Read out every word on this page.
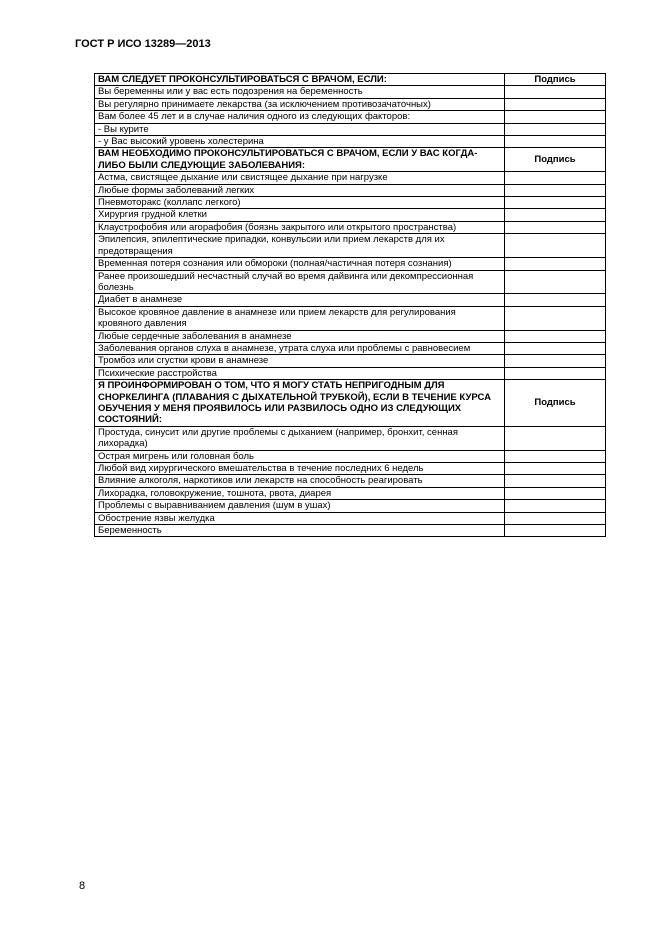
ГОСТ Р ИСО 13289—2013
ВАМ СЛЕДУЕТ ПРОКОНСУЛЬТИРОВАТЬСЯ С ВРАЧОМ, ЕСЛИ:	Подпись
Вы беременны или у вас есть подозрения на беременность	
Вы регулярно принимаете лекарства (за исключением противозачаточных)	
Вам более 45 лет и в случае наличия одного из следующих факторов:	
- Вы курите	
- у Вас высокий уровень холестерина	
ВАМ НЕОБХОДИМО ПРОКОНСУЛЬТИРОВАТЬСЯ С ВРАЧОМ, ЕСЛИ У ВАС КОГДА-ЛИБО БЫЛИ СЛЕДУЮЩИЕ ЗАБОЛЕВАНИЯ:	Подпись
Астма, свистящее дыхание или свистящее дыхание при нагрузке	
Любые формы заболеваний легких	
Пневмоторакс (коллапс легкого)	
Хирургия грудной клетки	
Клаустрофобия или агорафобия (боязнь закрытого или открытого пространства)	
Эпилепсия, эпилептические припадки, конвульсии или прием лекарств для их предотвращения	
Временная потеря сознания или обмороки (полная/частичная потеря сознания)	
Ранее произошедший несчастный случай во время дайвинга или декомпрессионная болезнь	
Диабет в анамнезе	
Высокое кровяное давление в анамнезе или прием лекарств для регулирования кровяного давления	
Любые сердечные заболевания в анамнезе	
Заболевания органов слуха в анамнезе, утрата слуха или проблемы с равновесием	
Тромбоз или сгустки крови в анамнезе	
Психические расстройства	
Я ПРОИНФОРМИРОВАН О ТОМ, ЧТО Я МОГУ СТАТЬ НЕПРИГОДНЫМ ДЛЯ СНОРКЕЛИНГА (ПЛАВАНИЯ С ДЫХАТЕЛЬНОЙ ТРУБКОЙ), ЕСЛИ В ТЕЧЕНИЕ КУРСА ОБУЧЕНИЯ У МЕНЯ ПРОЯВИЛОСЬ ИЛИ РАЗВИЛОСЬ ОДНО ИЗ СЛЕДУЮЩИХ СОСТОЯНИЙ:	Подпись
Простуда, синусит или другие проблемы с дыханием (например, бронхит, сенная лихорадка)	
Острая мигрень или головная боль	
Любой вид хирургического вмешательства в течение последних 6 недель	
Влияние алкоголя, наркотиков или лекарств на способность реагировать	
Лихорадка, головокружение, тошнота, рвота, диарея	
Проблемы с выравниванием давления (шум в ушах)	
Обострение язвы желудка	
Беременность	
8
